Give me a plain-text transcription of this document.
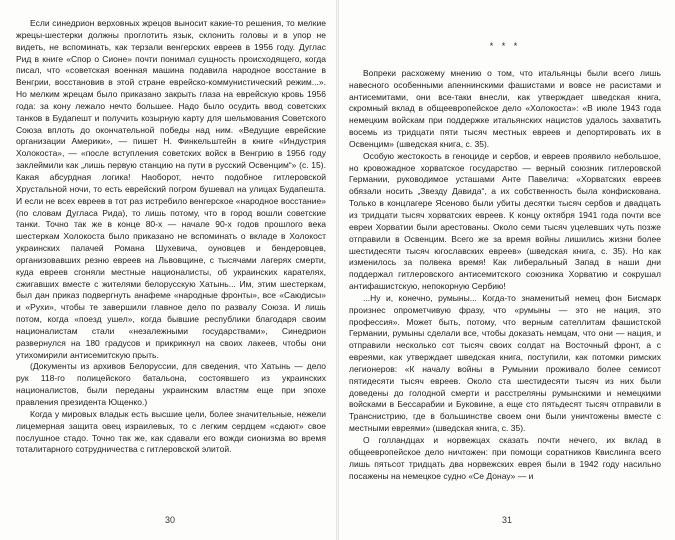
Если синедрион верховных жрецов выносит какие-то решения, то мелкие жрецы-шестерки должны проглотить язык, склонить головы и в упор не видеть, не вспоминать, как терзали венгерских евреев в 1956 году. Дуглас Рид в книге «Спор о Сионе» почти понимал сущность происходящего, когда писал, что «советская военная машина подавила народное восстание в Венгрии, восстановив в этой стране еврейско-коммунистический режим...». Но мелким жрецам было приказано закрыть глаза на еврейскую кровь 1956 года: за кону лежало нечто большее. Надо было осудить ввод советских танков в Будапешт и получить козырную карту для шельмования Советского Союза вплоть до окончательной победы над ним. «Ведущие еврейские организации Америки», — пишет Н. Финкельштейн в книге «Индустрия Холокоста», — «после вступления советских войск в Венгрию в 1956 году заклеймили как „лишь первую станцию на пути в русский Освенцим“» (с. 15). Какая абсурдная логика! Наоборот, нечто подобное гитлеровской Хрустальной ночи, то есть еврейский погром бушевал на улицах Будапешта. И если не всех евреев в тот раз истребило венгерское «народное восстание» (по словам Дугласа Рида), то лишь потому, что в город вошли советские танки. Точно так же в конце 80-х — начале 90-х годов прошлого века шестеркам Холокоста было приказано не вспоминать о вкладе в Холокост украинских палачей Романа Шухевича, оуновцев и бендеровцев, организовавших резню евреев на Львовщине, с тысячами лагерях смерти, куда евреев сгоняли местные националисты, об украинских карателях, сжигавших вместе с жителями белорусскую Хатынь... Им, этим шестеркам, был дан приказ подвергнуть анафеме «народные фронты», все «Саюдисы» и «Рухи», чтобы те завершили главное дело по развалу Союза. И лишь потом, когда «поезд ушел», когда бывшие республики благодаря своим националистам стали «незалежными государствами», Синедрион развернулся на 180 градусов и прикрикнул на своих лакеев, чтобы они утихомирили антисемитскую прыть.

(Документы из архивов Белоруссии, для сведения, что Хатынь — дело рук 118-го полицейского батальона, состоявшего из украинских националистов, были переданы украинским властям еще при эпохе правления президента Ющенко.)

Когда у мировых владык есть высшие цели, более значительные, нежели лицемерная защита овец израилевых, то с легким сердцем «сдают» свое послушное стадо. Точно так же, как сдавали его вожди сионизма во время тоталитарного сотрудничества с гитлеровской элитой.

* * *

Вопреки расхожему мнению о том, что итальянцы были всего лишь навесного особенными апеннинскими фашистами и вовсе не расистами и антисемитами, они все-таки внесли, как утверждает шведская книга, скромный вклад в общеевропейское дело «Холокоста»: «В июле 1943 года немецким войскам при поддержке итальянских нацистов удалось захватить восемь из тридцати пяти тысяч местных евреев и депортировать их в Освенцим» (шведская книга, с. 35).

Особую жестокость в геноциде и сербов, и евреев проявило небольшое, но кровожадное хорватское государство — верный союзник гитлеровской Германии, руководимое усташами Анте Павелича: «Хорватских евреев обязали носить „Звезду Давида“, а их собственность была конфискована. Только в концлагере Ясеново были убиты десятки тысяч сербов и двадцать из тридцати тысяч хорватских евреев. К концу октября 1941 года почти все евреи Хорватии были арестованы. Около семи тысяч уцелевших чуть позже отправили в Освенцим. Всего же за время войны лишились жизни более шестидесяти тысяч югославских евреев» (шведская книга, с. 35). Но как изменилось за полвека время! Как либеральный Запад в наши дни поддержал гитлеровского антисемитского союзника Хорватию и сокрушал антифашистскую, непокорную Сербию!

...Ну и, конечно, румыны... Когда-то знаменитый немец фон Бисмарк произнес опрометчивую фразу, что «румыны — это не нация, это профессия». Может быть, потому, что верным сателлитам фашистской Германии, румыны сделали все, чтобы доказать немцам, что они — нация, и отправили несколько сот тысяч своих солдат на Восточный фронт, а с евреями, как утверждает шведская книга, поступили, как потомки римских легионеров: «К началу войны в Румынии проживало более семисот пятидесяти тысяч евреев. Около ста шестидесяти тысяч из них были доведены до голодной смерти и расстреляны румынскими и немецкими войсками в Бессарабии и Буковине, а еще сто пятьдесят тысяч отправили в Транснистрию, где в большинстве своем они были уничтожены вместе с местными евреями» (шведская книга, с. 35).

О голландцах и норвежцах сказать почти нечего, их вклад в общеевропейское дело ничтожен: при помощи соратников Квислинга всего лишь пятьсот тридцать два норвежских еврея были в 1942 году насильно посажены на немецкое судно «Се Донау» — и

30	31
